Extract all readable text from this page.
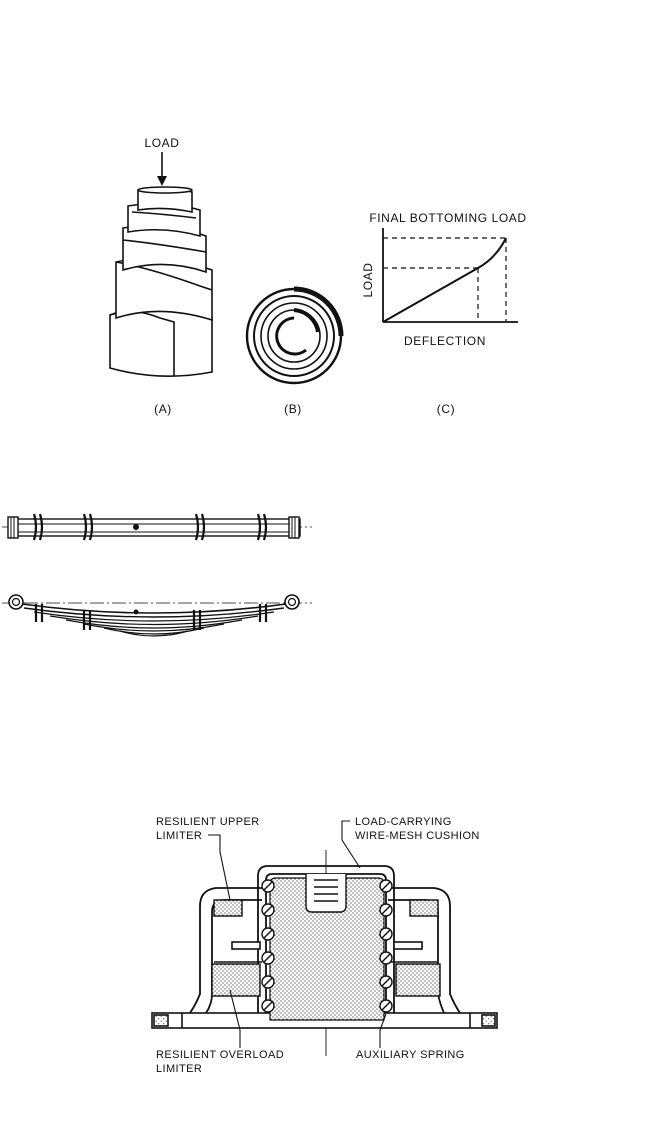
LOAD
(A)	(B)
FINAL BOTTOMING LOAD
LOAD
DEFLECTION
(C)
RESILIENT UPPER
LIMITER
LOAD-CARRYING
WIRE-MESH CUSHION
RESILIENT OVERLOAD
LIMITER
AUXILIARY SPRING
